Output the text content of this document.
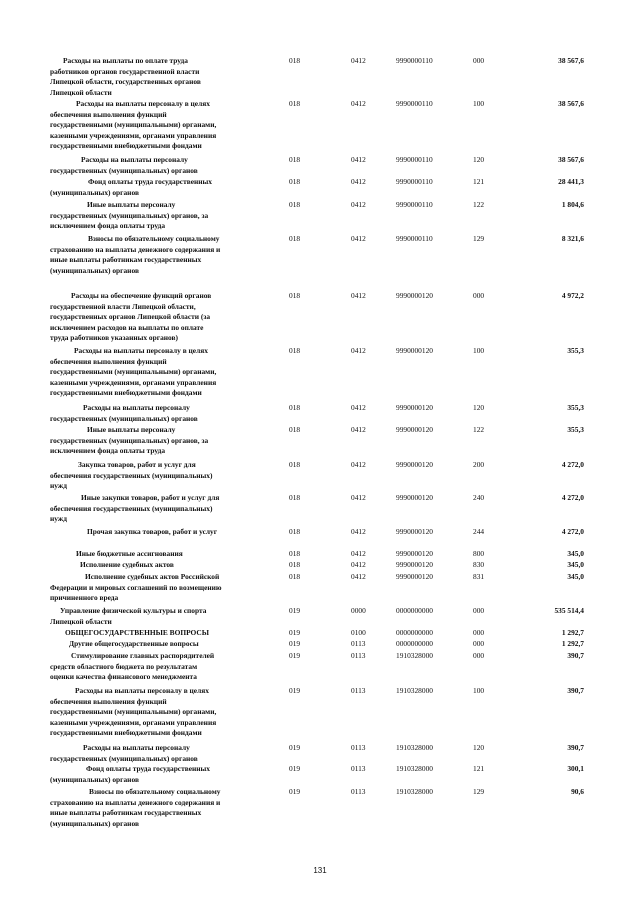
Расходы на выплаты по оплате труда
работников органов государственной власти
Липецкой области, государственных органов
Липецкой области
018	0412	9990000110	000	38 567,6
Расходы на выплаты персоналу в целях
обеспечения выполнения функций
государственными (муниципальными) органами,
казенными учреждениями, органами управления
государственными внебюджетными фондами
018	0412	9990000110	100	38 567,6
Расходы на выплаты персоналу
государственных (муниципальных) органов
018	0412	9990000110	120	38 567,6
Фонд оплаты труда государственных
(муниципальных) органов
018	0412	9990000110	121	28 441,3
Иные выплаты персоналу
государственных (муниципальных) органов, за
исключением фонда оплаты труда
018	0412	9990000110	122	1 804,6
Взносы по обязательному социальному
страхованию на выплаты денежного содержания и
иные выплаты работникам государственных
(муниципальных) органов
018	0412	9990000110	129	8 321,6
Расходы на обеспечение функций органов
государственной власти Липецкой области,
государственных органов Липецкой области (за
исключением расходов на выплаты по оплате
труда работников указанных органов)
018	0412	9990000120	000	4 972,2
Расходы на выплаты персоналу в целях
обеспечения выполнения функций
государственными (муниципальными) органами,
казенными учреждениями, органами управления
государственными внебюджетными фондами
018	0412	9990000120	100	355,3
Расходы на выплаты персоналу
государственных (муниципальных) органов
018	0412	9990000120	120	355,3
Иные выплаты персоналу
государственных (муниципальных) органов, за
исключением фонда оплаты труда
018	0412	9990000120	122	355,3
Закупка товаров, работ и услуг для
обеспечения государственных (муниципальных)
нужд
018	0412	9990000120	200	4 272,0
Иные закупки товаров, работ и услуг для
обеспечения государственных (муниципальных)
нужд
018	0412	9990000120	240	4 272,0
Прочая закупка товаров, работ и услуг	018	0412	9990000120	244	4 272,0
Иные бюджетные ассигнования	018	0412	9990000120	800	345,0
Исполнение судебных актов	018	0412	9990000120	830	345,0
Исполнение судебных актов Российской
Федерации и мировых соглашений по возмещению
причиненного вреда
018	0412	9990000120	831	345,0
Управление физической культуры и спорта
Липецкой области
019	0000	0000000000	000	535 514,4
ОБЩЕГОСУДАРСТВЕННЫЕ ВОПРОСЫ	019	0100	0000000000	000	1 292,7
Другие общегосударственные вопросы	019	0113	0000000000	000	1 292,7
Стимулирование главных распорядителей
средств областного бюджета по результатам
оценки качества финансового менеджмента
019	0113	1910328000	000	390,7
Расходы на выплаты персоналу в целях
обеспечения выполнения функций
государственными (муниципальными) органами,
казенными учреждениями, органами управления
государственными внебюджетными фондами
019	0113	1910328000	100	390,7
Расходы на выплаты персоналу
государственных (муниципальных) органов
019	0113	1910328000	120	390,7
Фонд оплаты труда государственных
(муниципальных) органов
019	0113	1910328000	121	300,1
Взносы по обязательному социальному
страхованию на выплаты денежного содержания и
иные выплаты работникам государственных
(муниципальных) органов
019	0113	1910328000	129	90,6
131
